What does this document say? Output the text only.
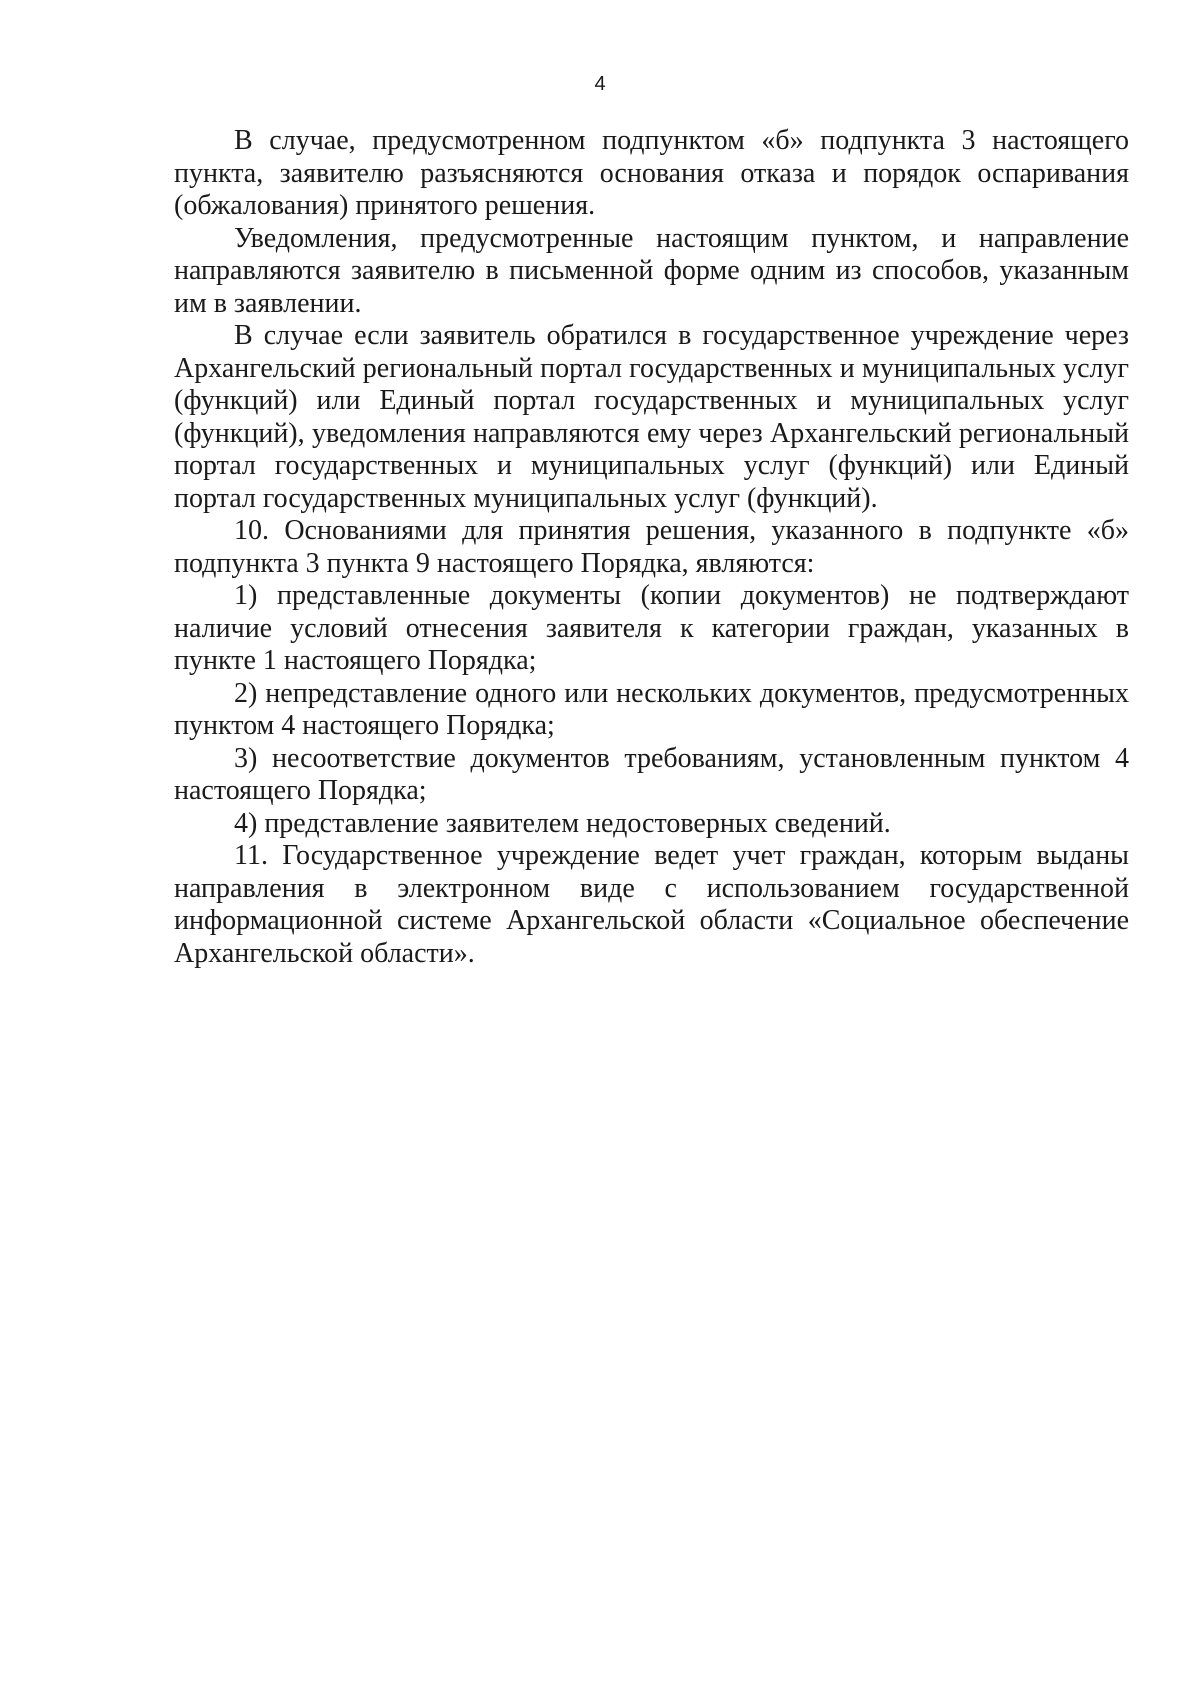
4

В случае, предусмотренном подпунктом «б» подпункта 3 настоящего пункта, заявителю разъясняются основания отказа и порядок оспаривания (обжалования) принятого решения.

Уведомления, предусмотренные настоящим пунктом, и направление направляются заявителю в письменной форме одним из способов, указанным им в заявлении.

В случае если заявитель обратился в государственное учреждение через Архангельский региональный портал государственных и муниципальных услуг (функций) или Единый портал государственных и муниципальных услуг (функций), уведомления направляются ему через Архангельский региональный портал государственных и муниципальных услуг (функций) или Единый портал государственных муниципальных услуг (функций).

10. Основаниями для принятия решения, указанного в подпункте «б» подпункта 3 пункта 9 настоящего Порядка, являются:

1) представленные документы (копии документов) не подтверждают наличие условий отнесения заявителя к категории граждан, указанных в пункте 1 настоящего Порядка;

2) непредставление одного или нескольких документов, предусмотренных пунктом 4 настоящего Порядка;

3) несоответствие документов требованиям, установленным пунктом 4 настоящего Порядка;

4) представление заявителем недостоверных сведений.

11. Государственное учреждение ведет учет граждан, которым выданы направления в электронном виде с использованием государственной информационной системе Архангельской области «Социальное обеспечение Архангельской области».
